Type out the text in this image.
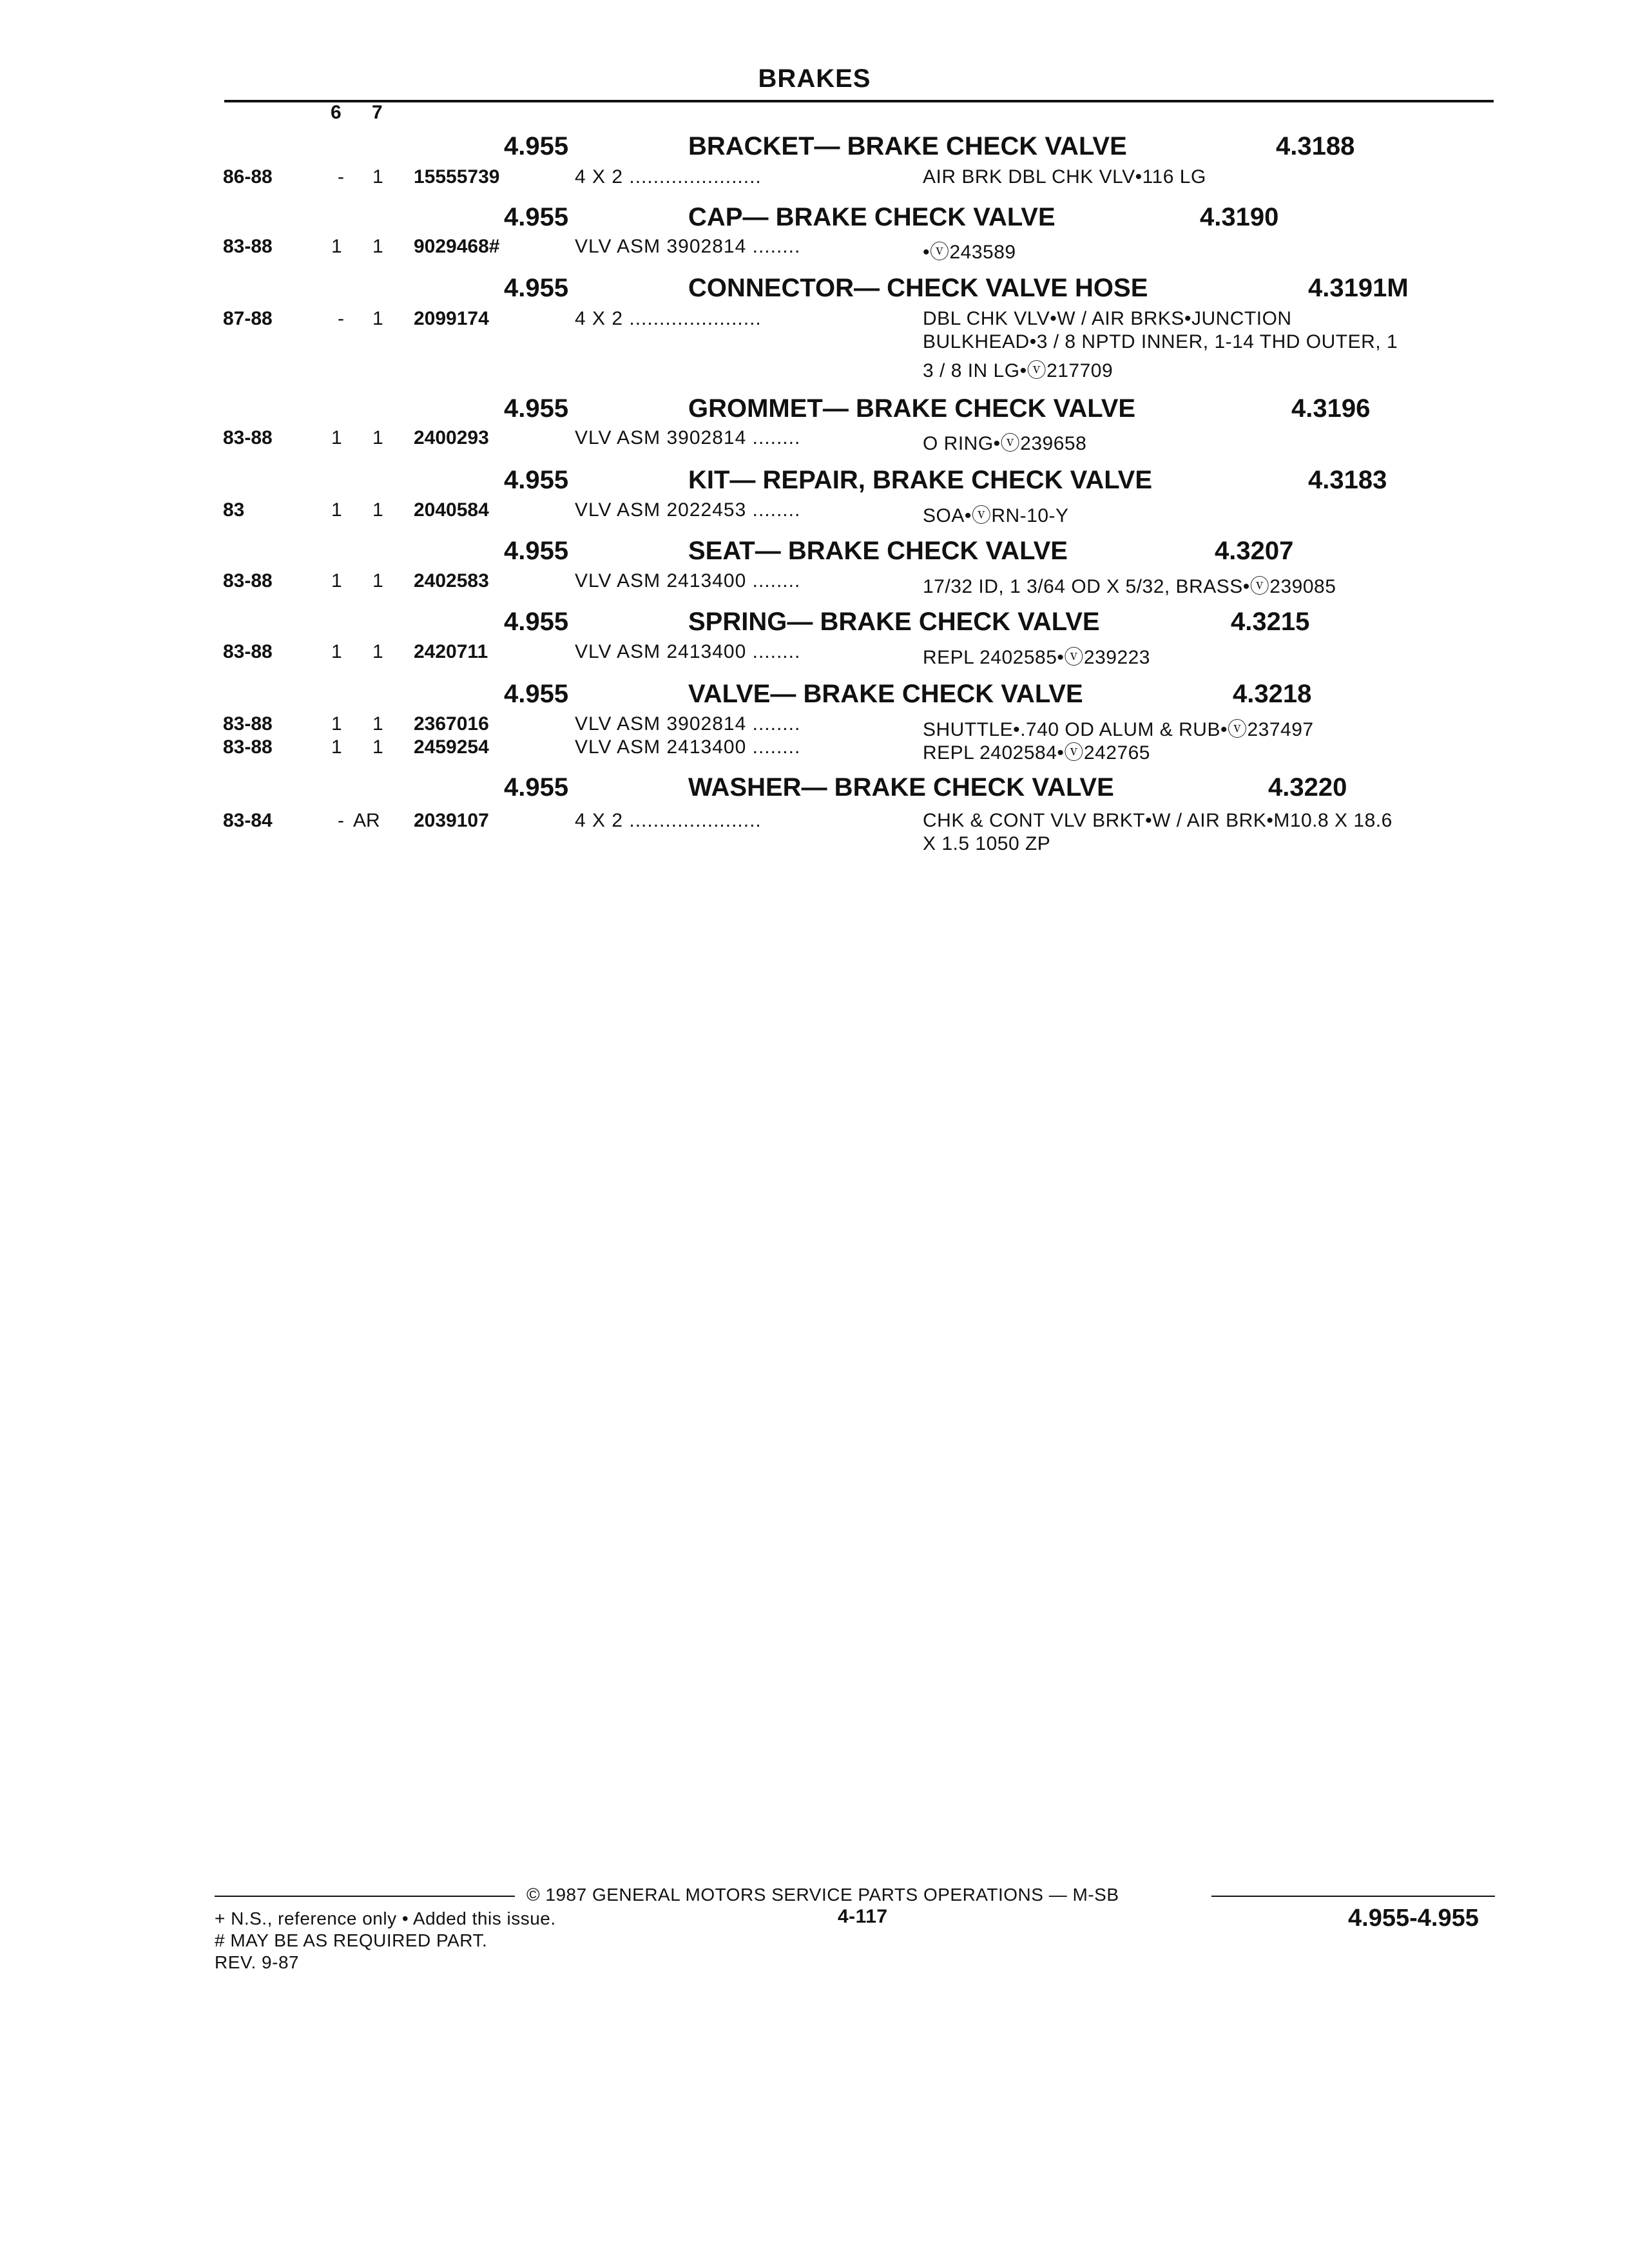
BRAKES
6 7
4.955	BRACKET— BRAKE CHECK VALVE	4.3188
86-88	- 1 15555739	4 X 2 ......................	AIR BRK DBL CHK VLV•116 LG
4.955	CAP— BRAKE CHECK VALVE	4.3190
83-88	1 1 9029468#	VLV ASM 3902814 ........	•ⓥ243589
4.955	CONNECTOR— CHECK VALVE HOSE	4.3191M
87-88	- 1 2099174	4 X 2 ......................	DBL CHK VLV•W / AIR BRKS•JUNCTION
BULKHEAD•3 / 8 NPTD INNER, 1-14 THD OUTER, 1
3 / 8 IN LG•ⓥ217709
4.955	GROMMET— BRAKE CHECK VALVE	4.3196
83-88	1 1 2400293	VLV ASM 3902814 ........	O RING•ⓥ239658
4.955	KIT— REPAIR, BRAKE CHECK VALVE	4.3183
83	1 1 2040584	VLV ASM 2022453 ........	SOA•ⓥRN-10-Y
4.955	SEAT— BRAKE CHECK VALVE	4.3207
83-88	1 1 2402583	VLV ASM 2413400 ........	17/32 ID, 1 3/64 OD X 5/32, BRASS•ⓥ239085
4.955	SPRING— BRAKE CHECK VALVE	4.3215
83-88	1 1 2420711	VLV ASM 2413400 ........	REPL 2402585•ⓥ239223
4.955	VALVE— BRAKE CHECK VALVE	4.3218
83-88	1 1 2367016	VLV ASM 3902814 ........	SHUTTLE•.740 OD ALUM & RUB•ⓥ237497
83-88	1 1 2459254	VLV ASM 2413400 ........	REPL 2402584•ⓥ242765
4.955	WASHER— BRAKE CHECK VALVE	4.3220
83-84	- AR 2039107	4 X 2 ......................	CHK & CONT VLV BRKT•W / AIR BRK•M10.8 X 18.6
X 1.5 1050 ZP
© 1987 GENERAL MOTORS SERVICE PARTS OPERATIONS — M-SB
+ N.S., reference only • Added this issue.	4-117	4.955-4.955
# MAY BE AS REQUIRED PART.
REV. 9-87
